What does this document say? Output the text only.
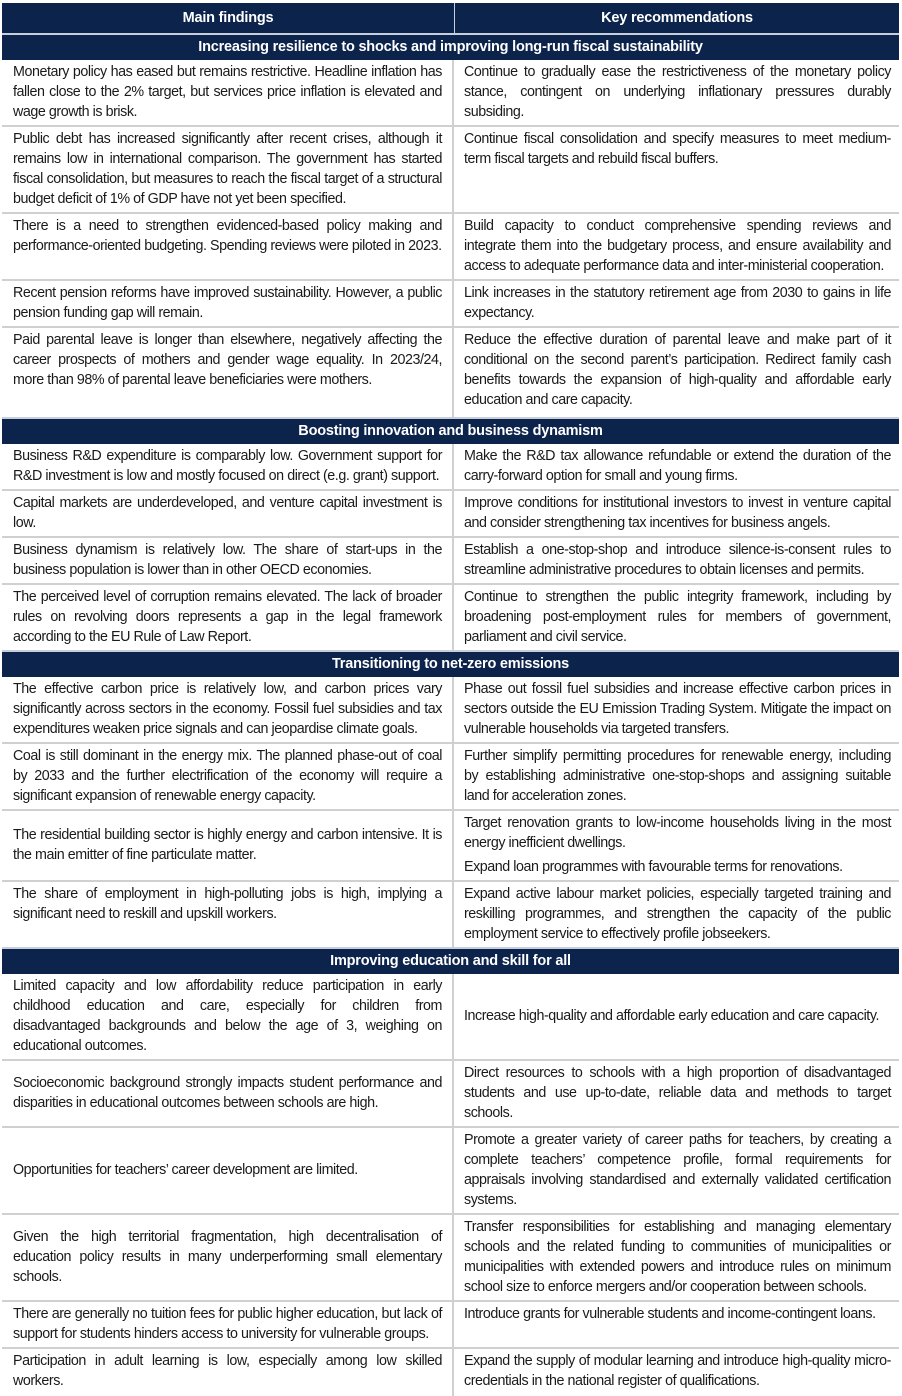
Main findings	Key recommendations
Increasing resilience to shocks and improving long-run fiscal sustainability

Monetary policy has eased but remains restrictive. Headline inflation has fallen close to the 2% target, but services price inflation is elevated and wage growth is brisk.

Continue to gradually ease the restrictiveness of the monetary policy stance, contingent on underlying inflationary pressures durably subsiding.

Public debt has increased significantly after recent crises, although it remains low in international comparison. The government has started fiscal consolidation, but measures to reach the fiscal target of a structural budget deficit of 1% of GDP have not yet been specified.

Continue fiscal consolidation and specify measures to meet medium-term fiscal targets and rebuild fiscal buffers.

There is a need to strengthen evidenced-based policy making and performance-oriented budgeting. Spending reviews were piloted in 2023.

Build capacity to conduct comprehensive spending reviews and integrate them into the budgetary process, and ensure availability and access to adequate performance data and inter-ministerial cooperation.

Recent pension reforms have improved sustainability. However, a public pension funding gap will remain.

Link increases in the statutory retirement age from 2030 to gains in life expectancy.

Paid parental leave is longer than elsewhere, negatively affecting the career prospects of mothers and gender wage equality. In 2023/24, more than 98% of parental leave beneficiaries were mothers.

Reduce the effective duration of parental leave and make part of it conditional on the second parent’s participation. Redirect family cash benefits towards the expansion of high-quality and affordable early education and care capacity.

Boosting innovation and business dynamism

Business R&D expenditure is comparably low. Government support for R&D investment is low and mostly focused on direct (e.g. grant) support.

Make the R&D tax allowance refundable or extend the duration of the carry-forward option for small and young firms.

Capital markets are underdeveloped, and venture capital investment is low.

Improve conditions for institutional investors to invest in venture capital and consider strengthening tax incentives for business angels.

Business dynamism is relatively low. The share of start-ups in the business population is lower than in other OECD economies.

Establish a one-stop-shop and introduce silence-is-consent rules to streamline administrative procedures to obtain licenses and permits.

The perceived level of corruption remains elevated. The lack of broader rules on revolving doors represents a gap in the legal framework according to the EU Rule of Law Report.

Continue to strengthen the public integrity framework, including by broadening post-employment rules for members of government, parliament and civil service.

Transitioning to net-zero emissions

The effective carbon price is relatively low, and carbon prices vary significantly across sectors in the economy. Fossil fuel subsidies and tax expenditures weaken price signals and can jeopardise climate goals.

Phase out fossil fuel subsidies and increase effective carbon prices in sectors outside the EU Emission Trading System. Mitigate the impact on vulnerable households via targeted transfers.

Coal is still dominant in the energy mix. The planned phase-out of coal by 2033 and the further electrification of the economy will require a significant expansion of renewable energy capacity.

Further simplify permitting procedures for renewable energy, including by establishing administrative one-stop-shops and assigning suitable land for acceleration zones.

The residential building sector is highly energy and carbon intensive. It is the main emitter of fine particulate matter.

Target renovation grants to low-income households living in the most energy inefficient dwellings.

Expand loan programmes with favourable terms for renovations.

The share of employment in high-polluting jobs is high, implying a significant need to reskill and upskill workers.

Expand active labour market policies, especially targeted training and reskilling programmes, and strengthen the capacity of the public employment service to effectively profile jobseekers.

Improving education and skill for all

Limited capacity and low affordability reduce participation in early childhood education and care, especially for children from disadvantaged backgrounds and below the age of 3, weighing on educational outcomes.

Increase high-quality and affordable early education and care capacity.

Socioeconomic background strongly impacts student performance and disparities in educational outcomes between schools are high.

Direct resources to schools with a high proportion of disadvantaged students and use up-to-date, reliable data and methods to target schools.

Opportunities for teachers’ career development are limited.

Promote a greater variety of career paths for teachers, by creating a complete teachers’ competence profile, formal requirements for appraisals involving standardised and externally validated certification systems.

Given the high territorial fragmentation, high decentralisation of education policy results in many underperforming small elementary schools.

Transfer responsibilities for establishing and managing elementary schools and the related funding to communities of municipalities or municipalities with extended powers and introduce rules on minimum school size to enforce mergers and/or cooperation between schools.

There are generally no tuition fees for public higher education, but lack of support for students hinders access to university for vulnerable groups.

Introduce grants for vulnerable students and income-contingent loans.

Participation in adult learning is low, especially among low skilled workers.

Expand the supply of modular learning and introduce high-quality micro-credentials in the national register of qualifications.
